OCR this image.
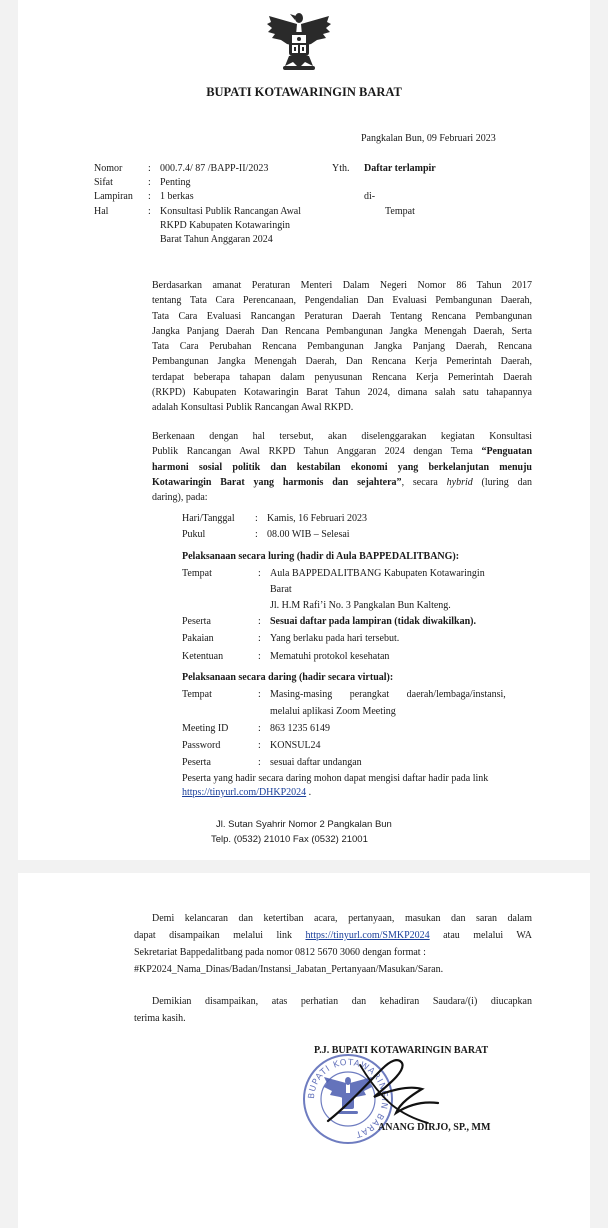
BUPATI KOTAWARINGIN BARAT
Pangkalan Bun, 09 Februari 2023
Nomor	: 000.7.4/ 87 /BAPP-II/2023
Sifat	: Penting
Lampiran : 1 berkas
Hal	: Konsultasi Publik Rancangan Awal
RKPD Kabupaten Kotawaringin
Barat Tahun Anggaran 2024
Yth. Daftar terlampir
di-
Tempat
Berdasarkan amanat Peraturan Menteri Dalam Negeri Nomor 86 Tahun 2017
tentang Tata Cara Perencanaan, Pengendalian Dan Evaluasi Pembangunan Daerah,
Tata Cara Evaluasi Rancangan Peraturan Daerah Tentang Rencana Pembangunan
Jangka Panjang Daerah Dan Rencana Pembangunan Jangka Menengah Daerah, Serta
Tata Cara Perubahan Rencana Pembangunan Jangka Panjang Daerah, Rencana
Pembangunan Jangka Menengah Daerah, Dan Rencana Kerja Pemerintah Daerah,
terdapat beberapa tahapan dalam penyusunan Rencana Kerja Pemerintah Daerah
(RKPD) Kabupaten Kotawaringin Barat Tahun 2024, dimana salah satu tahapannya
adalah Konsultasi Publik Rancangan Awal RKPD.
Berkenaan dengan hal tersebut, akan diselenggarakan kegiatan Konsultasi
Publik Rancangan Awal RKPD Tahun Anggaran 2024 dengan Tema “Penguatan
harmoni sosial politik dan kestabilan ekonomi yang berkelanjutan menuju
Kotawaringin Barat yang harmonis dan sejahtera”, secara hybrid (luring dan
daring), pada:
Hari/Tanggal : Kamis, 16 Februari 2023
Pukul	: 08.00 WIB – Selesai
Pelaksanaan secara luring (hadir di Aula BAPPEDALITBANG):
Tempat	: Aula BAPPEDALITBANG Kabupaten Kotawaringin
Barat
Jl. H.M Rafi’i No. 3 Pangkalan Bun Kalteng.
Peserta	: Sesuai daftar pada lampiran (tidak diwakilkan).
Pakaian	: Yang berlaku pada hari tersebut.
Ketentuan	: Mematuhi protokol kesehatan
Pelaksanaan secara daring (hadir secara virtual):
Tempat	: Masing-masing       perangkat       daerah/lembaga/instansi,
melalui aplikasi Zoom Meeting
Meeting ID	: 863 1235 6149
Password	: KONSUL24
Peserta	: sesuai daftar undangan
Peserta yang hadir secara daring mohon dapat mengisi daftar hadir pada link
https://tinyurl.com/DHKP2024 .
Jl. Sutan Syahrir Nomor 2 Pangkalan Bun
Telp. (0532) 21010 Fax (0532) 21001
Demi kelancaran dan ketertiban acara, pertanyaan, masukan dan saran dalam
dapat disampaikan melalui link https://tinyurl.com/SMKP2024 atau melalui WA
Sekretariat Bappedalitbang pada nomor 0812 5670 3060 dengan format :
#KP2024_Nama_Dinas/Badan/Instansi_Jabatan_Pertanyaan/Masukan/Saran.
Demikian disampaikan, atas perhatian dan kehadiran Saudara/(i) diucapkan
terima kasih.
P.J. BUPATI KOTAWARINGIN BARAT
BUPATI KOTAWARINGIN BARAT
ANANG DIRJO, SP., MM
